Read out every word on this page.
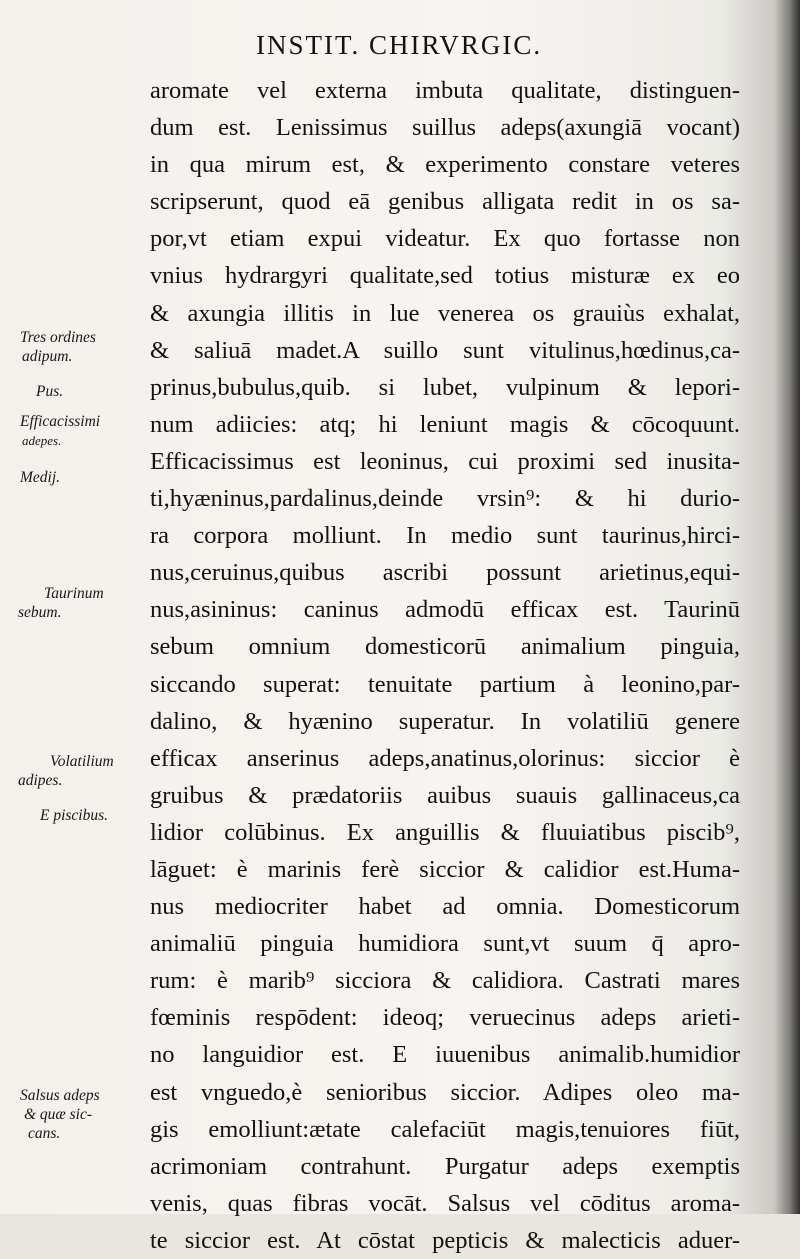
INSTIT. CHIRVRGIC.
aromate vel externa imbuta qualitate, distinguen-
dum est. Lenissimus suillus adeps(axungiā vocant)
in qua mirum est, & experimento constare veteres
scripserunt, quod eā genibus alligata redit in os sa-
por,vt etiam expui videatur. Ex quo fortasse non
vnius hydrargyri qualitate,sed totius misturæ ex eo
& axungia illitis in lue venerea os grauiùs exhalat,
& saliuā madet.A suillo sunt vitulinus,hœdinus,ca-
prinus,bubulus,quib. si lubet, vulpinum & lepori-
num adiicies: atq; hi leniunt magis & cōcoquunt.
Efficacissimus est leoninus, cui proximi sed inusita-
ti,hyæninus,pardalinus,deinde vrsin⁹: & hi durio-
ra corpora molliunt. In medio sunt taurinus,hirci-
nus,ceruinus,quibus ascribi possunt arietinus,equi-
nus,asininus: caninus admodū efficax est. Taurinū
sebum omnium domesticorū animalium pinguia,
siccando superat: tenuitate partium à leonino,par-
dalino, & hyænino superatur. In volatiliū genere
efficax anserinus adeps,anatinus,olorinus: siccior è
gruibus & prædatoriis auibus suauis gallinaceus,ca
lidior colūbinus. Ex anguillis & fluuiatibus piscib⁹,
lāguet: è marinis ferè siccior & calidior est.Huma-
nus mediocriter habet ad omnia. Domesticorum
animaliū pinguia humidiora sunt,vt suum q̄ apro-
rum: è marib⁹ sicciora & calidiora. Castrati mares
fœminis respōdent: ideoq; veruecinus adeps arieti-
no languidior est. E iuuenibus animalib.humidior
est vnguedo,è senioribus siccior. Adipes oleo ma-
gis emolliunt:ætate calefaciūt magis,tenuiores fiūt,
acrimoniam contrahunt. Purgatur adeps exemptis
venis, quas fibras vocāt. Salsus vel cōditus aroma-
te siccior est. At cōstat pepticis & malecticis aduer-
Tres ordines
adipum.
Pus.
Efficacissimi
adepes.
Medij.
Taurinum
sebum.
Volatilium
adipes.
E piscibus.
Salsus adeps
& quæ sic-
cans.
